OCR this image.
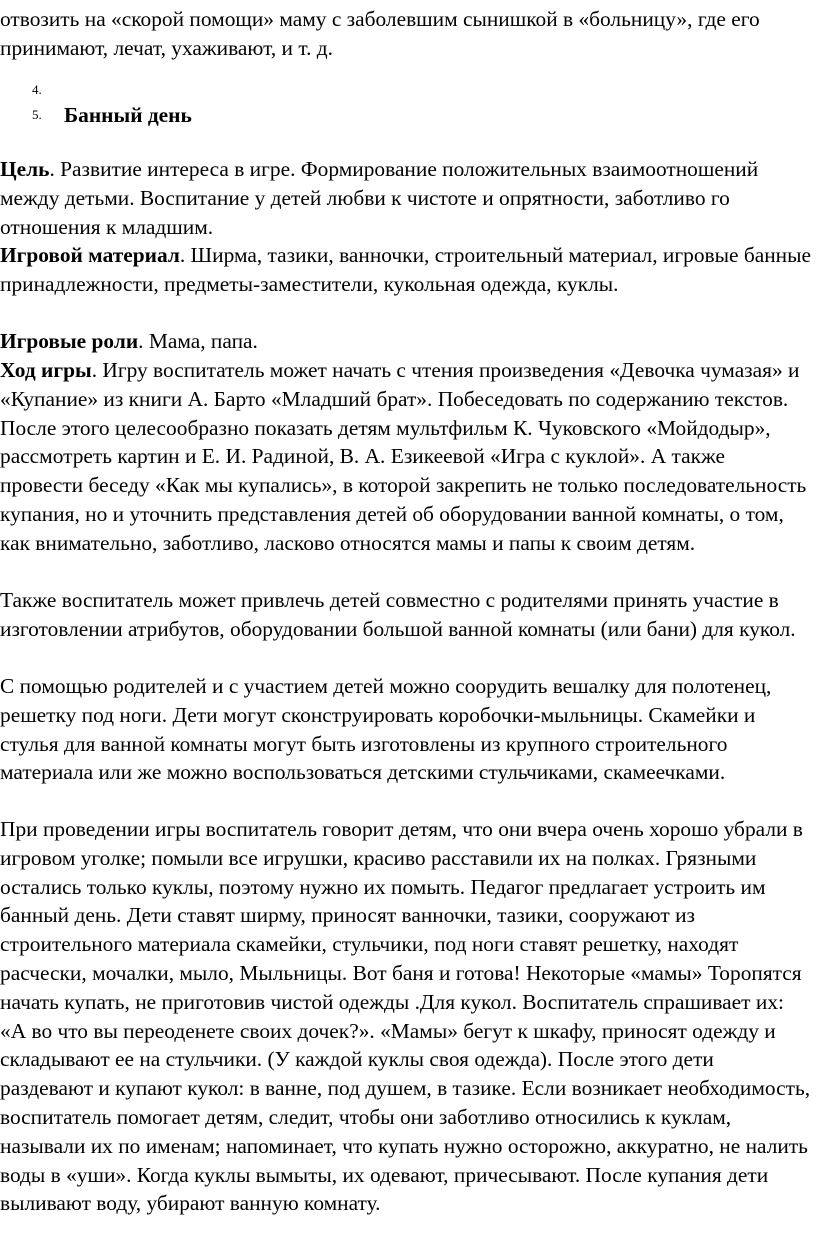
отвозить на «скорой помощи» маму с заболевшим сынишкой в «больницу», где его принимают, лечат, ухаживают, и т. д.

4.
5. Банный день

Цель. Развитие интереса в игре. Формирование положительных взаимоотношений между детьми. Воспитание у детей любви к чистоте и опрятности, заботливо го отношения к младшим.

Игровой материал. Ширма, тазики, ванночки, строительный материал, игровые банные принадлежности, предметы-заместители, кукольная одежда, куклы.

Игровые роли. Мама, папа.

Ход игры. Игру воспитатель может начать с чтения произведения «Девочка чумазая» и «Купание» из книги А. Барто «Младший брат». Побеседовать по содержанию текстов. После этого целесообразно показать детям мультфильм К. Чуковского «Мойдодыр», рассмотреть картин и Е. И. Радиной, В. А. Езикеевой «Игра с куклой». А также провести беседу «Как мы купались», в которой закрепить не только последовательность купания, но и уточнить представления детей об оборудовании ванной комнаты, о том, как внимательно, заботливо, ласково относятся мамы и папы к своим детям.

Также воспитатель может привлечь детей совместно с родителями принять участие в изготовлении атрибутов, оборудовании большой ванной комнаты (или бани) для кукол.

С помощью родителей и с участием детей можно соорудить вешалку для полотенец, решетку под ноги. Дети могут сконструировать коробочки-мыльницы. Скамейки и стулья для ванной комнаты могут быть изготовлены из крупного строительного материала или же можно воспользоваться детскими стульчиками, скамеечками.

При проведении игры воспитатель говорит детям, что они вчера очень хорошо убрали в игровом уголке; помыли все игрушки, красиво расставили их на полках. Грязными остались только куклы, поэтому нужно их помыть. Педагог предлагает устроить им банный день. Дети ставят ширму, приносят ванночки, тазики, сооружают из строительного материала скамейки, стульчики, под ноги ставят решетку, находят расчески, мочалки, мыло, Мыльницы. Вот баня и готова! Некоторые «мамы» Торопятся начать купать, не приготовив чистой одежды .Для кукол. Воспитатель спрашивает их: «А во что вы переоденете своих дочек?». «Мамы» бегут к шкафу, приносят одежду и складывают ее на стульчики. (У каждой куклы своя одежда). После этого дети раздевают и купают кукол: в ванне, под душем, в тазике. Если возникает необходимость, воспитатель помогает детям, следит, чтобы они заботливо относились к куклам, называли их по именам; напоминает, что купать нужно осторожно, аккуратно, не налить воды в «уши». Когда куклы вымыты, их одевают, причесывают. После купания дети выливают воду, убирают ванную комнату.
